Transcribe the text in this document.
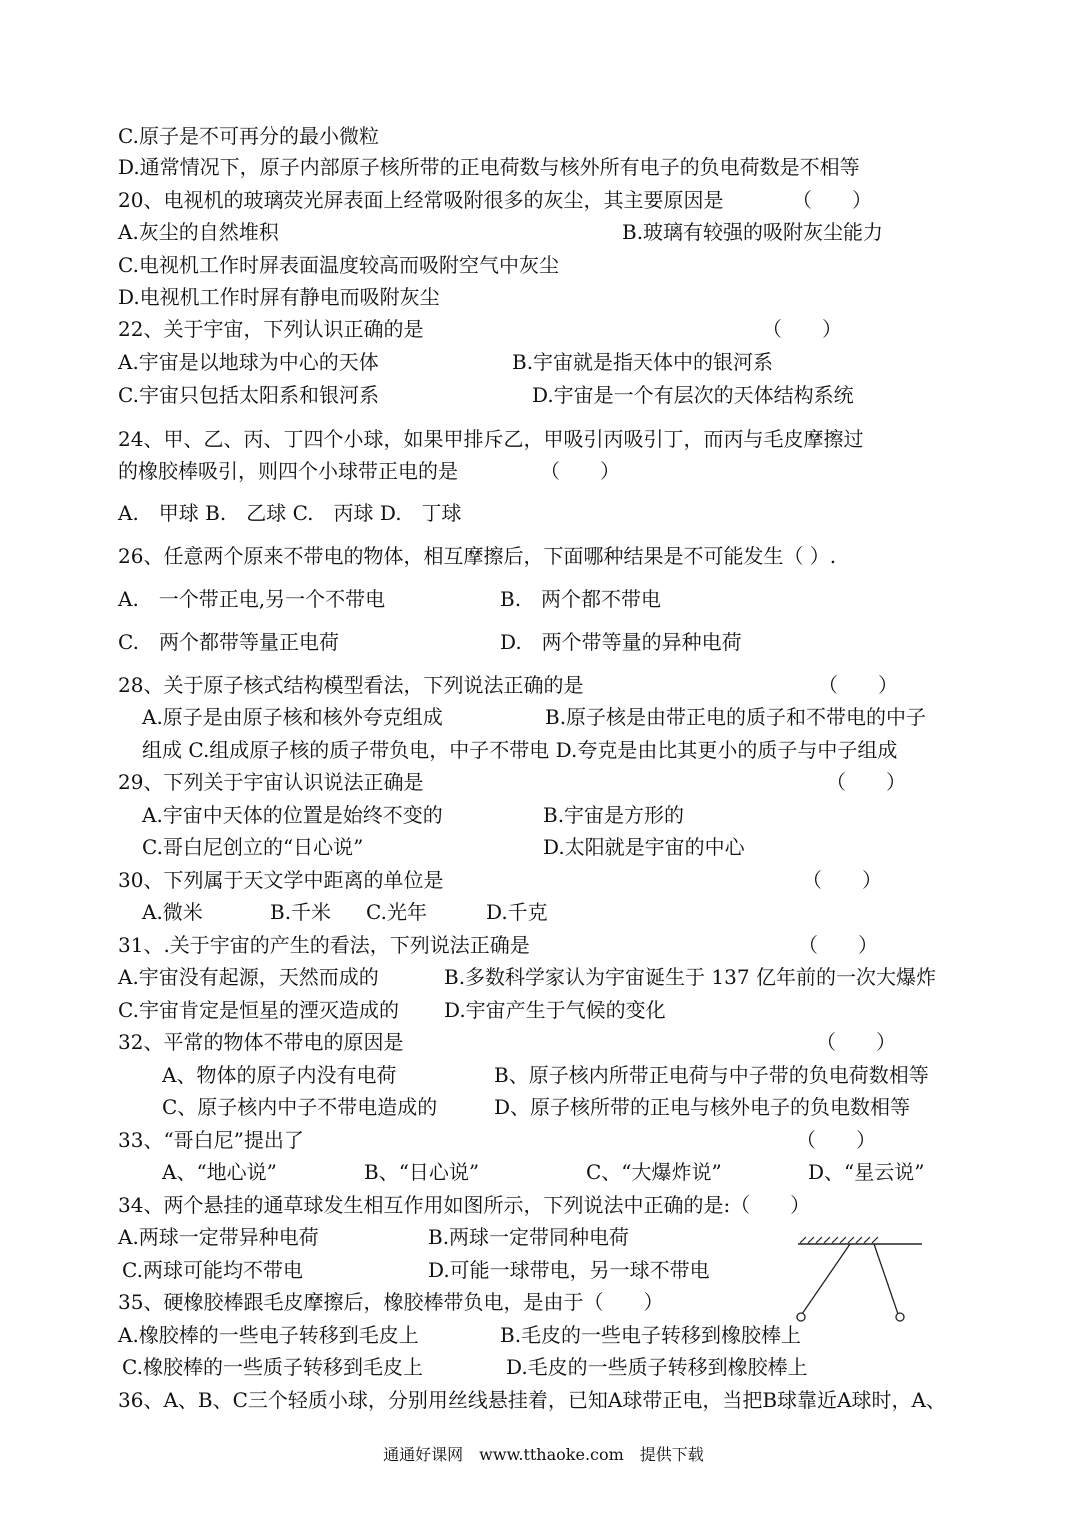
C.原子是不可再分的最小微粒
D.通常情况下，原子内部原子核所带的正电荷数与核外所有电子的负电荷数是不相等
20、电视机的玻璃荧光屏表面上经常吸附很多的灰尘，其主要原因是	（　　）
A.灰尘的自然堆积	B.玻璃有较强的吸附灰尘能力
C.电视机工作时屏表面温度较高而吸附空气中灰尘
D.电视机工作时屏有静电而吸附灰尘
22、关于宇宙，下列认识正确的是	（　　）
A.宇宙是以地球为中心的天体	B.宇宙就是指天体中的银河系
C.宇宙只包括太阳系和银河系	D.宇宙是一个有层次的天体结构系统
24、甲、乙、丙、丁四个小球，如果甲排斥乙，甲吸引丙吸引丁，而丙与毛皮摩擦过
的橡胶棒吸引，则四个小球带正电的是	（　　）
A.　甲球 B.　乙球 C.　丙球 D.　丁球
26、任意两个原来不带电的物体，相互摩擦后，下面哪种结果是不可能发生（ ）.
A.　一个带正电,另一个不带电	B.　两个都不带电
C.　两个都带等量正电荷	D.　两个带等量的异种电荷
28、关于原子核式结构模型看法，下列说法正确的是	（　　）
A.原子是由原子核和核外夸克组成	B.原子核是由带正电的质子和不带电的中子
组成 C.组成原子核的质子带负电，中子不带电 D.夸克是由比其更小的质子与中子组成
29、下列关于宇宙认识说法正确是	（　　）
A.宇宙中天体的位置是始终不变的	B.宇宙是方形的
C.哥白尼创立的“日心说”	D.太阳就是宇宙的中心
30、下列属于天文学中距离的单位是	（　　）
A.微米	B.千米 C.光年	D.千克
31、.关于宇宙的产生的看法，下列说法正确是	（　　）
A.宇宙没有起源，天然而成的	B.多数科学家认为宇宙诞生于 137 亿年前的一次大爆炸
C.宇宙肯定是恒星的湮灭造成的 D.宇宙产生于气候的变化
32、平常的物体不带电的原因是	（　　）
A、物体的原子内没有电荷	B、原子核内所带正电荷与中子带的负电荷数相等
C、原子核内中子不带电造成的	D、原子核所带的正电与核外电子的负电数相等
33、“哥白尼”提出了	（　　）
A、“地心说”	B、“日心说”	C、“大爆炸说”	D、“星云说”
34、两个悬挂的通草球发生相互作用如图所示，下列说法中正确的是:（　　）
A.两球一定带异种电荷	B.两球一定带同种电荷
C.两球可能均不带电	D.可能一球带电，另一球不带电
35、硬橡胶棒跟毛皮摩擦后，橡胶棒带负电，是由于（　　）
A.橡胶棒的一些电子转移到毛皮上	B.毛皮的一些电子转移到橡胶棒上
C.橡胶棒的一些质子转移到毛皮上	D.毛皮的一些质子转移到橡胶棒上
36、A、B、C三个轻质小球，分别用丝线悬挂着，已知A球带正电，当把B球靠近A球时，A、
通通好课网　www.tthaoke.com　提供下载
